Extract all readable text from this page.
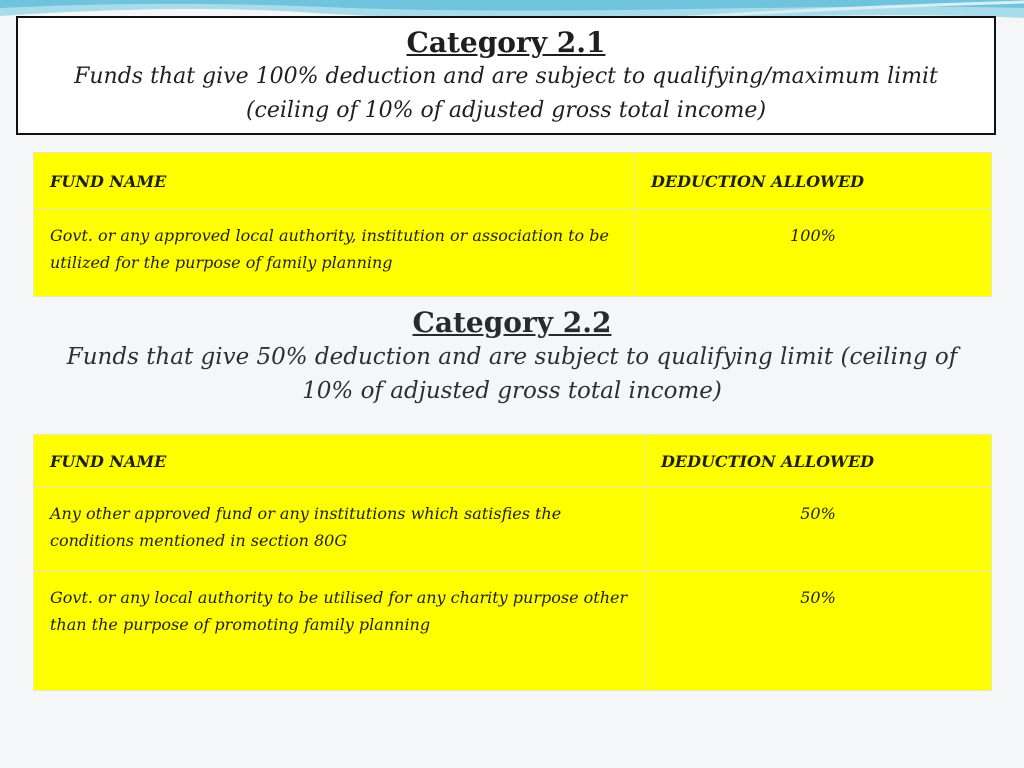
Category 2.1
Funds that give 100% deduction and are subject to qualifying/maximum limit
(ceiling of 10% of adjusted gross total income)
FUND NAME	DEDUCTION ALLOWED
Govt. or any approved local authority, institution or association to be utilized for the purpose of family planning	100%
Category 2.2
Funds that give 50% deduction and are subject to qualifying limit (ceiling of
10% of adjusted gross total income)
FUND NAME	DEDUCTION ALLOWED
Any other approved fund or any institutions which satisfies the conditions mentioned in section 80G	50%
Govt. or any local authority to be utilised for any charity purpose other than the purpose of promoting family planning	50%
